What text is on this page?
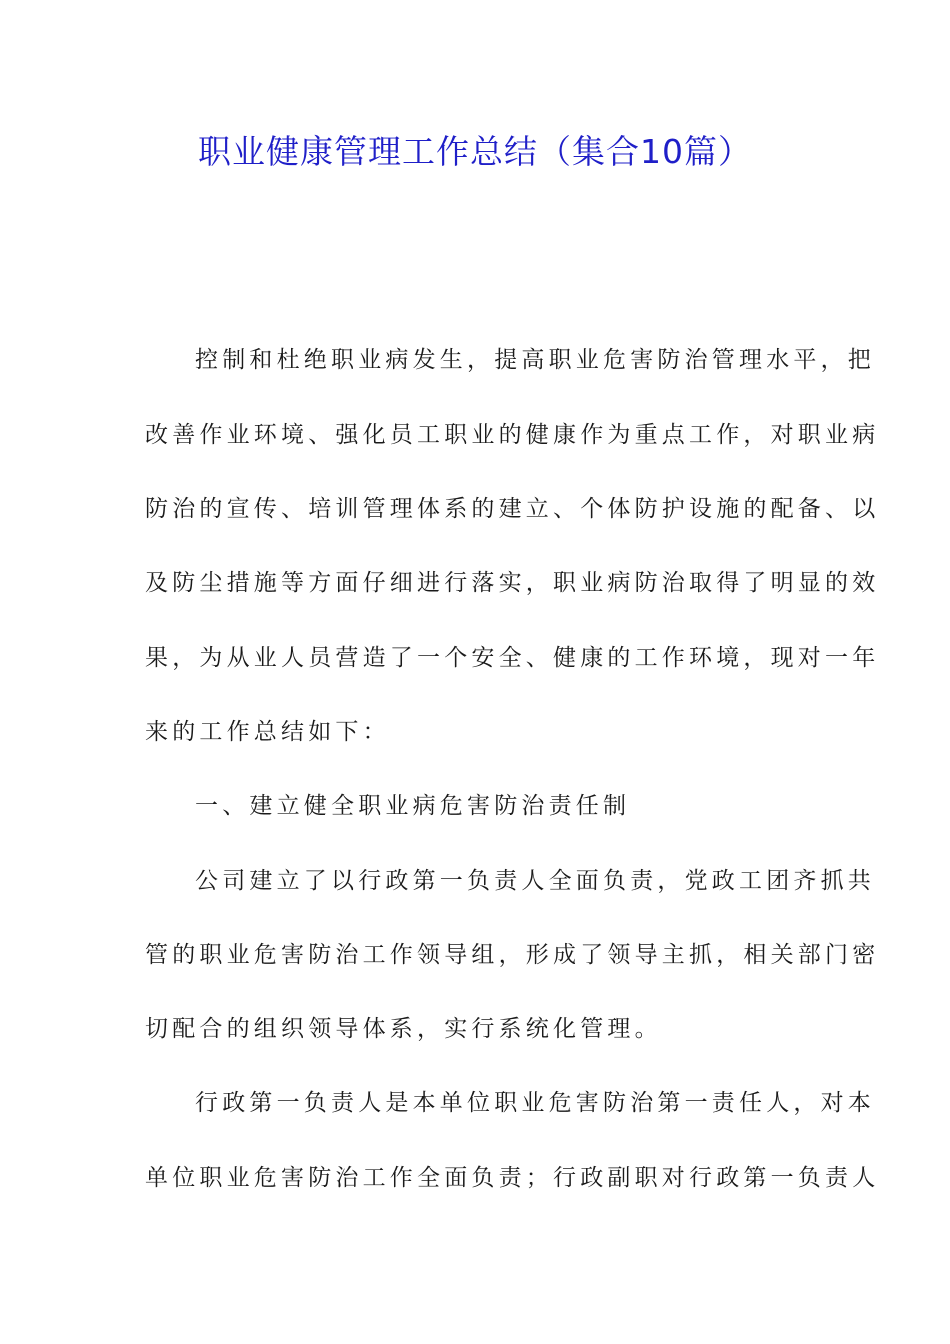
职业健康管理工作总结（集合10篇）
控制和杜绝职业病发生，提高职业危害防治管理水平，把
改善作业环境、强化员工职业的健康作为重点工作，对职业病
防治的宣传、培训管理体系的建立、个体防护设施的配备、以
及防尘措施等方面仔细进行落实，职业病防治取得了明显的效
果，为从业人员营造了一个安全、健康的工作环境，现对一年
来的工作总结如下：
一、建立健全职业病危害防治责任制
公司建立了以行政第一负责人全面负责，党政工团齐抓共
管的职业危害防治工作领导组，形成了领导主抓，相关部门密
切配合的组织领导体系，实行系统化管理。
行政第一负责人是本单位职业危害防治第一责任人，对本
单位职业危害防治工作全面负责；行政副职对行政第一负责人
